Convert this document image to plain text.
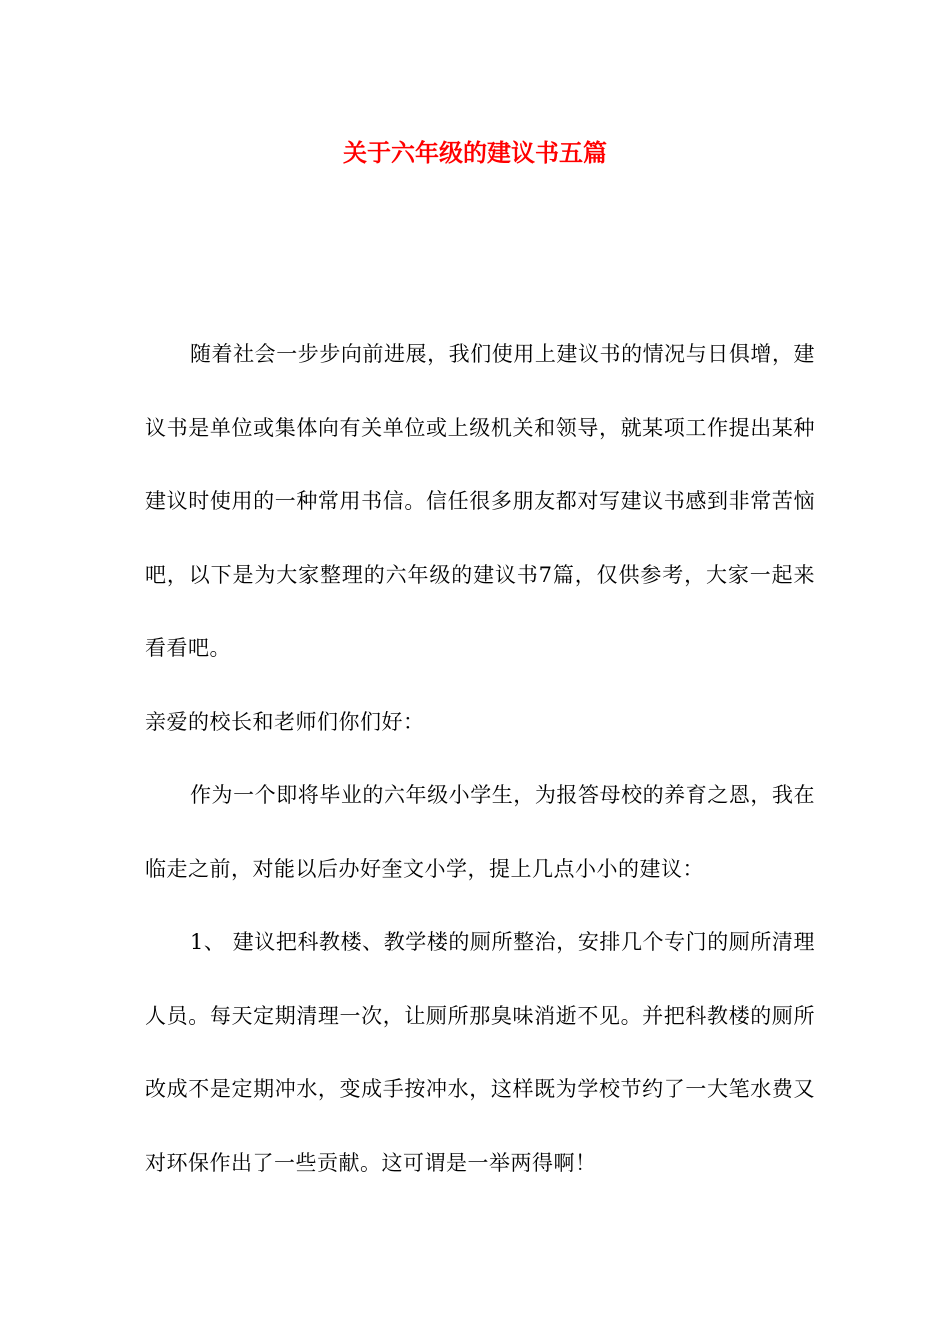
关于六年级的建议书五篇

随着社会一步步向前进展，我们使用上建议书的情况与日俱增，建议书是单位或集体向有关单位或上级机关和领导，就某项工作提出某种建议时使用的一种常用书信。信任很多朋友都对写建议书感到非常苦恼吧，以下是为大家整理的六年级的建议书7篇，仅供参考，大家一起来看看吧。

亲爱的校长和老师们你们好：

作为一个即将毕业的六年级小学生，为报答母校的养育之恩，我在临走之前，对能以后办好奎文小学，提上几点小小的建议：

1、 建议把科教楼、教学楼的厕所整治，安排几个专门的厕所清理人员。每天定期清理一次，让厕所那臭味消逝不见。并把科教楼的厕所改成不是定期冲水，变成手按冲水，这样既为学校节约了一大笔水费又对环保作出了一些贡献。这可谓是一举两得啊！
